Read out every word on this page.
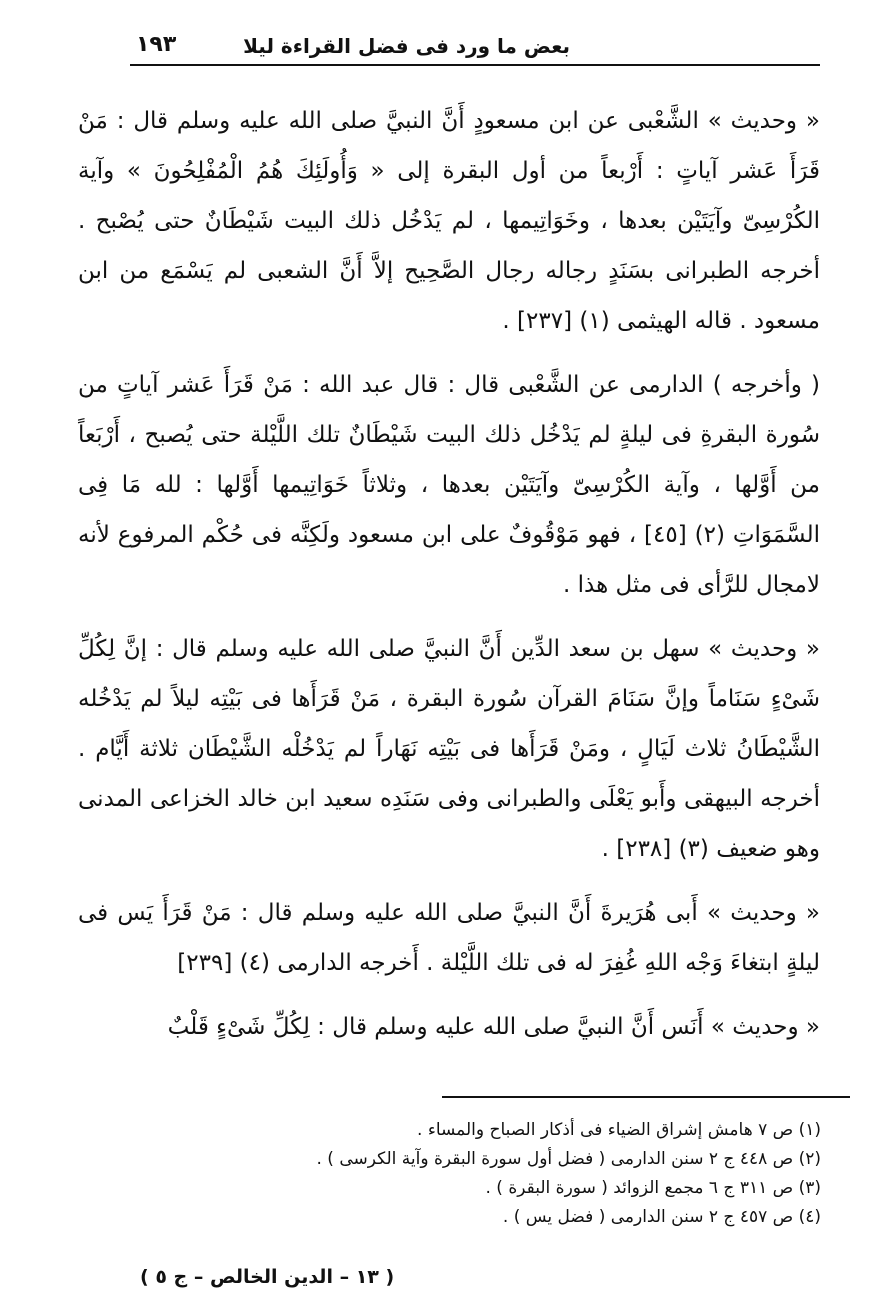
بعض ما ورد فى فضل القراءة ليلا
١٩٣

« وحديث » الشَّعْبى عن ابن مسعودٍ أَنَّ النبيَّ صلى الله عليه وسلم قال : مَنْ قَرَأَ عَشر آياتٍ : أَرْبعاً من أول البقرة إلى « وَأُولَئِكَ هُمُ الْمُفْلِحُونَ » وآية الكُرْسِىّ وآيَتَيْن بعدها ، وخَوَاتِيمها ، لم يَدْخُل ذلك البيت شَيْطَانٌ حتى يُصْبح . أخرجه الطبرانى بسَنَدٍ رجاله رجال الصَّحِيح إلاَّ أَنَّ الشعبى لم يَسْمَع من ابن مسعود . قاله الهيثمى (١) [٢٣٧] .

( وأخرجه ) الدارمى عن الشَّعْبى قال : قال عبد الله : مَنْ قَرَأَ عَشر آياتٍ من سُورة البقرةِ فى ليلةٍ لم يَدْخُل ذلك البيت شَيْطَانٌ تلك اللَّيْلة حتى يُصبح ، أَرْبَعاً من أَوَّلها ، وآية الكُرْسِىّ وآيَتَيْن بعدها ، وثلاثاً خَوَاتِيمها أَوَّلها : لله مَا فِى السَّمَوَاتِ (٢) [٤٥] ، فهو مَوْقُوفٌ على ابن مسعود ولَكِنَّه فى حُكْم المرفوع لأنه لامجال للرَّأى فى مثل هذا .

« وحديث » سهل بن سعد الدِّين أَنَّ النبيَّ صلى الله عليه وسلم قال : إنَّ لِكُلِّ شَىْءٍ سَنَاماً وإنَّ سَنَامَ القرآن سُورة البقرة ، مَنْ قَرَأَها فى بَيْتِه ليلاً لم يَدْخُله الشَّيْطَانُ ثلاث لَيَالٍ ، ومَنْ قَرَأَها فى بَيْتِه نَهَاراً لم يَدْخُلْه الشَّيْطَان ثلاثة أَيَّام . أخرجه البيهقى وأَبو يَعْلَى والطبرانى وفى سَنَدِه سعيد ابن خالد الخزاعى المدنى وهو ضعيف (٣) [٢٣٨] .

« وحديث » أَبى هُرَيرةَ أَنَّ النبيَّ صلى الله عليه وسلم قال : مَنْ قَرَأَ يَس فى ليلةٍ ابتغاءَ وَجْه اللهِ غُفِرَ له فى تلك اللَّيْلة . أَخرجه الدارمى (٤) [٢٣٩]

« وحديث » أَنَس أَنَّ النبيَّ صلى الله عليه وسلم قال : لِكُلِّ شَىْءٍ قَلْبٌ

(١) ص ٧ هامش إشراق الضياء فى أذكار الصباح والمساء .
(٢) ص ٤٤٨ ج ٢ سنن الدارمى ( فضل أول سورة البقرة وآية الكرسى ) .
(٣) ص ٣١١ ج ٦ مجمع الزوائد ( سورة البقرة ) .
(٤) ص ٤٥٧ ج ٢ سنن الدارمى ( فضل يس ) .
( ١٣ – الدين الخالص – ج ٥ )
